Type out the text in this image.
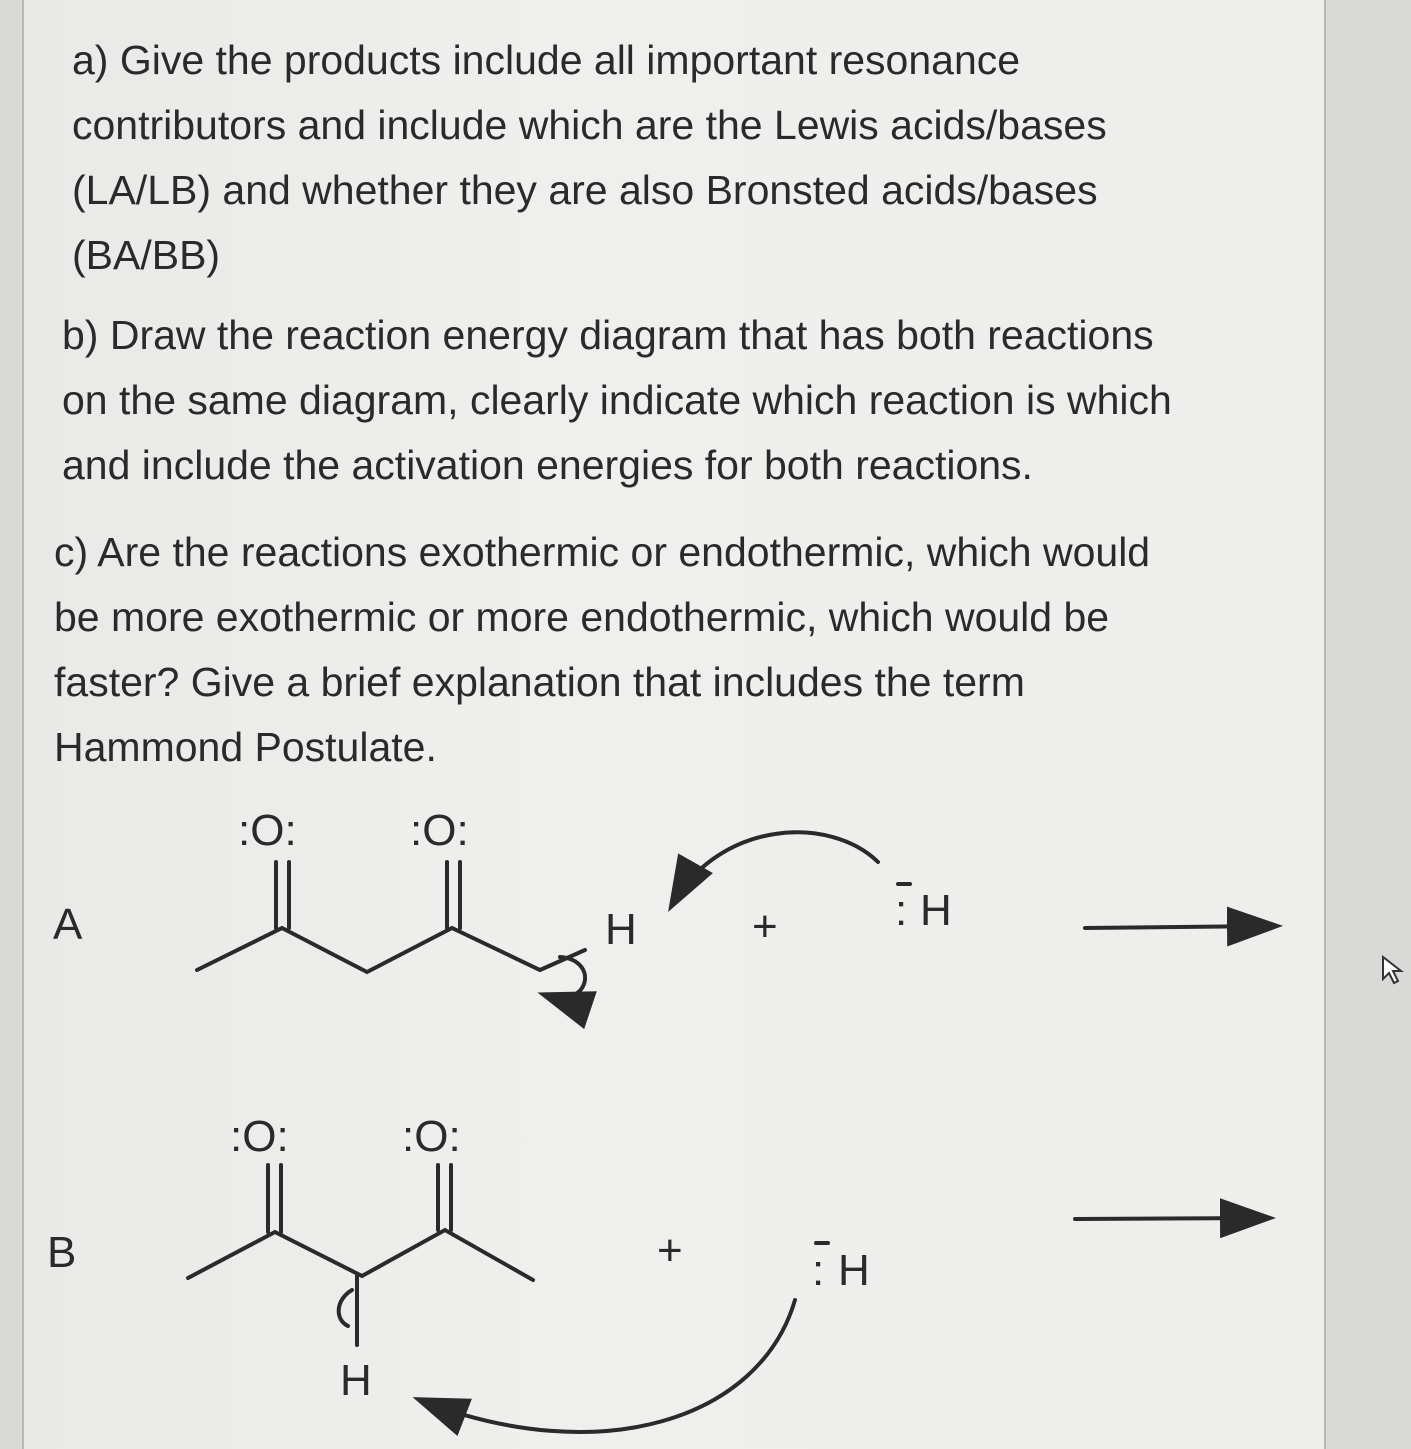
a) Give the products include all important resonance
contributors and include which are the Lewis acids/bases
(LA/LB) and whether they are also Bronsted acids/bases
(BA/BB)
b) Draw the reaction energy diagram that has both reactions
on the same diagram, clearly indicate which reaction is which
and include the activation energies for both reactions.
c) Are the reactions exothermic or endothermic, which would
be more exothermic or more endothermic, which would be
faster? Give a brief explanation that includes the term
Hammond Postulate.
A
:O:	:O:
H	+	: H
B
:O:	:O:
H
+	: H
